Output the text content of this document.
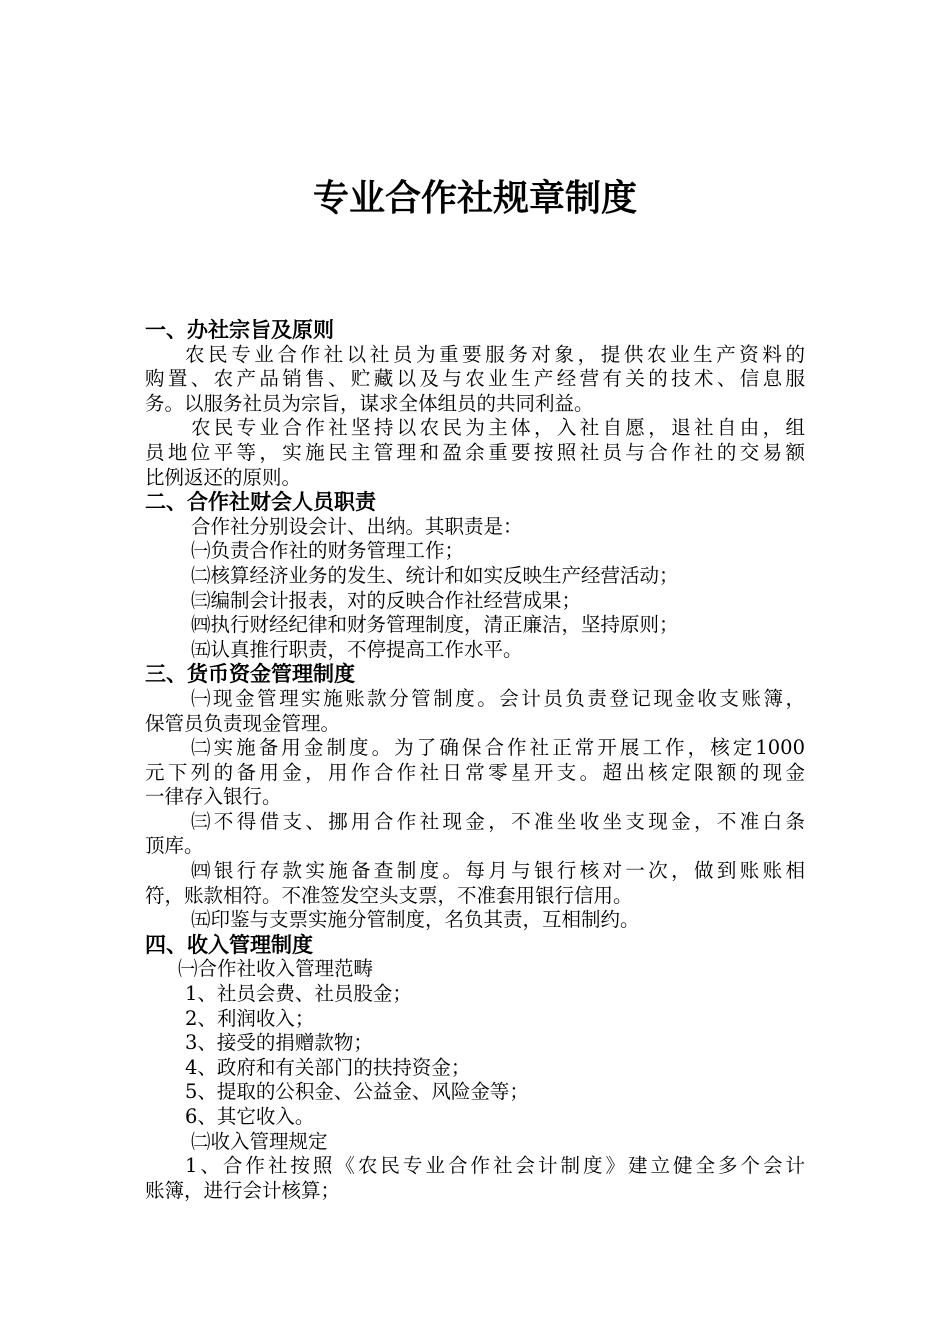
专业合作社规章制度

一、办社宗旨及原则

农民专业合作社以社员为重要服务对象，提供农业生产资料的

购置、农产品销售、贮藏以及与农业生产经营有关的技术、信息服

务。以服务社员为宗旨，谋求全体组员的共同利益。

农民专业合作社坚持以农民为主体，入社自愿，退社自由，组

员地位平等，实施民主管理和盈余重要按照社员与合作社的交易额

比例返还的原则。

二、合作社财会人员职责

合作社分别设会计、出纳。其职责是：

㈠负责合作社的财务管理工作；

㈡核算经济业务的发生、统计和如实反映生产经营活动；

㈢编制会计报表，对的反映合作社经营成果；

㈣执行财经纪律和财务管理制度，清正廉洁，坚持原则；

㈤认真推行职责，不停提高工作水平。

三、货币资金管理制度

㈠现金管理实施账款分管制度。会计员负责登记现金收支账簿，

保管员负责现金管理。

㈡实施备用金制度。为了确保合作社正常开展工作，核定1000

元下列的备用金，用作合作社日常零星开支。超出核定限额的现金

一律存入银行。

㈢不得借支、挪用合作社现金，不准坐收坐支现金，不准白条

顶库。

㈣银行存款实施备查制度。每月与银行核对一次，做到账账相

符，账款相符。不准签发空头支票，不准套用银行信用。

㈤印鉴与支票实施分管制度，名负其责，互相制约。

四、收入管理制度

㈠合作社收入管理范畴

1、社员会费、社员股金；

2、利润收入；

3、接受的捐赠款物；

4、政府和有关部门的扶持资金；

5、提取的公积金、公益金、风险金等；

6、其它收入。

㈡收入管理规定

1、合作社按照《农民专业合作社会计制度》建立健全多个会计

账簿，进行会计核算；
